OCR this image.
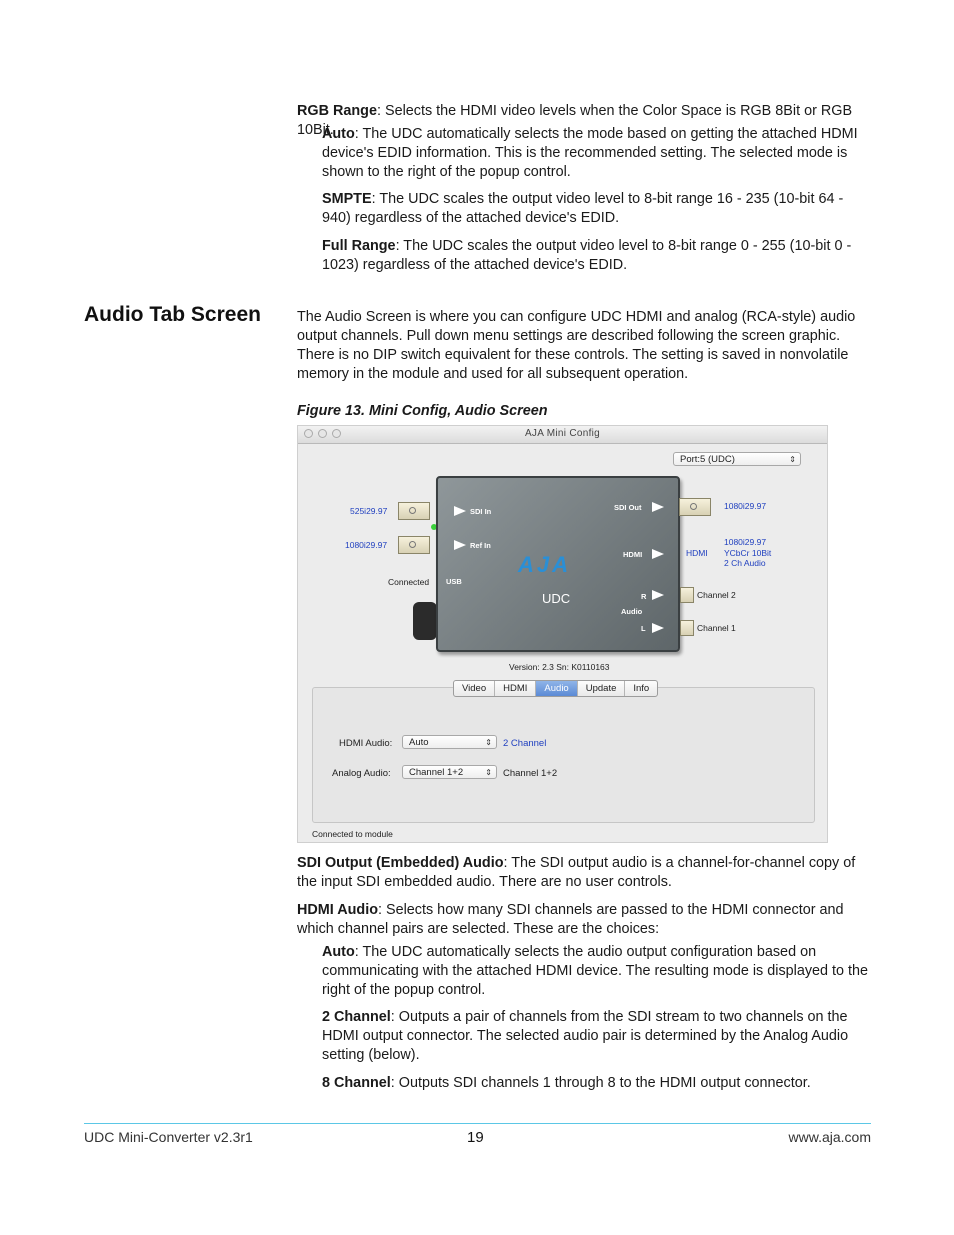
RGB Range: Selects the HDMI video levels when the Color Space is RGB 8Bit or RGB 10Bit.

Auto: The UDC automatically selects the mode based on getting the attached HDMI device's EDID information. This is the recommended setting. The selected mode is shown to the right of the popup control.

SMPTE: The UDC scales the output video level to 8-bit range 16 - 235 (10-bit 64 - 940) regardless of the attached device's EDID.

Full Range: The UDC scales the output video level to 8-bit range 0 - 255 (10-bit 0 - 1023) regardless of the attached device's EDID.

Audio Tab Screen	The Audio Screen is where you can configure UDC HDMI and analog (RCA-style) audio output channels. Pull down menu settings are described following the screen graphic. There is no DIP switch equivalent for these controls. The setting is saved in nonvolatile memory in the module and used for all subsequent operation.

Figure 13. Mini Config, Audio Screen
AJA Mini Config
Port:5 (UDC)	⇕
525i29.97
1080i29.97
Connected
SDI In
Ref In
USB
SDI Out
HDMI
R
Audio
L
AJA
UDC
1080i29.97
HDMI
1080i29.97
YCbCr 10Bit
2 Ch Audio
Channel 2
Channel 1
Version: 2.3 Sn: K0110163
HDMI Audio:	Auto	⇕ 2 Channel
Analog Audio:	Channel 1+2	⇕ Channel 1+2
Video	HDMI	Audio	Update	Info
Connected to module

SDI Output (Embedded) Audio: The SDI output audio is a channel-for-channel copy of the input SDI embedded audio. There are no user controls.

HDMI Audio: Selects how many SDI channels are passed to the HDMI connector and which channel pairs are selected. These are the choices:

Auto: The UDC automatically selects the audio output configuration based on communicating with the attached HDMI device. The resulting mode is displayed to the right of the popup control.

2 Channel: Outputs a pair of channels from the SDI stream to two channels on the HDMI output connector. The selected audio pair is determined by the Analog Audio setting (below).

8 Channel: Outputs SDI channels 1 through 8 to the HDMI output connector.

UDC Mini-Converter v2.3r1	19	www.aja.com
